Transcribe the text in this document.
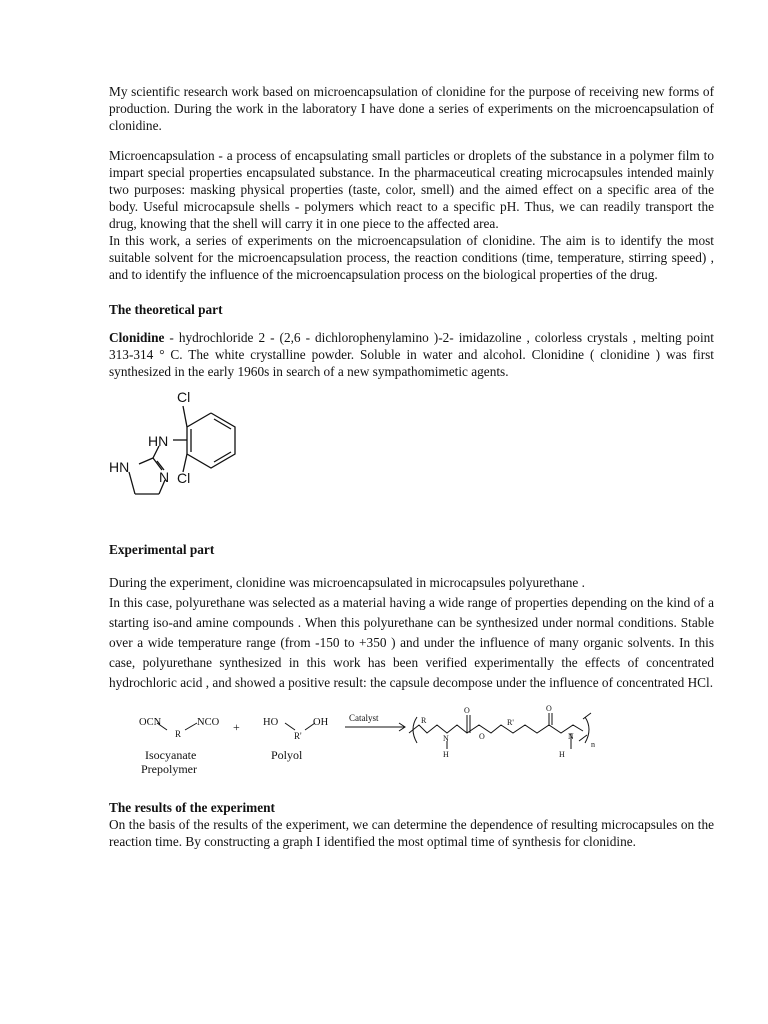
My scientific research work based on microencapsulation of clonidine for the purpose of receiving new forms of production. During the work in the laboratory I have done a series of experiments on the microencapsulation of clonidine.

Microencapsulation - a process of encapsulating small particles or droplets of the substance in a polymer film to impart special properties encapsulated substance. In the pharmaceutical creating microcapsules intended mainly two purposes: masking physical properties (taste, color, smell) and the aimed effect on a specific area of the body. Useful microcapsule shells - polymers which react to a specific pH. Thus, we can readily transport the drug, knowing that the shell will carry it in one piece to the affected area.

In this work, a series of experiments on the microencapsulation of clonidine. The aim is to identify the most suitable solvent for the microencapsulation process, the reaction conditions (time, temperature, stirring speed) , and to identify the influence of the microencapsulation process on the biological properties of the drug.

The theoretical part

Clonidine - hydrochloride 2 - (2,6 - dichlorophenylamino )-2- imidazoline , colorless crystals , melting point 313-314 ° C. The white crystalline powder. Soluble in water and alcohol. Clonidine ( clonidine ) was first synthesized in the early 1960s in search of a new sympathomimetic agents.

Cl
HN
HN
N Cl
Experimental part

During the experiment, clonidine was microencapsulated in microcapsules polyurethane .

In this case, polyurethane was selected as a material having a wide range of properties depending on the kind of a starting iso-and amine compounds . When this polyurethane can be synthesized under normal conditions. Stable over a wide temperature range (from -150 to +350 ) and under the influence of many organic solvents. In this case, polyurethane synthesized in this work has been verified experimentally the effects of concentrated hydrochloric acid , and showed a positive result: the capsule decompose under the influence of concentrated HCl.

OCN	NCO
R	+ HO	OH
R'
Catalyst
Isocyanate
Prepolymer
Polyol
R
N
H
O
O
R'
O
N
H
n
The results of the experiment

On the basis of the results of the experiment, we can determine the dependence of resulting microcapsules on the reaction time. By constructing a graph I identified the most optimal time of synthesis for clonidine.
